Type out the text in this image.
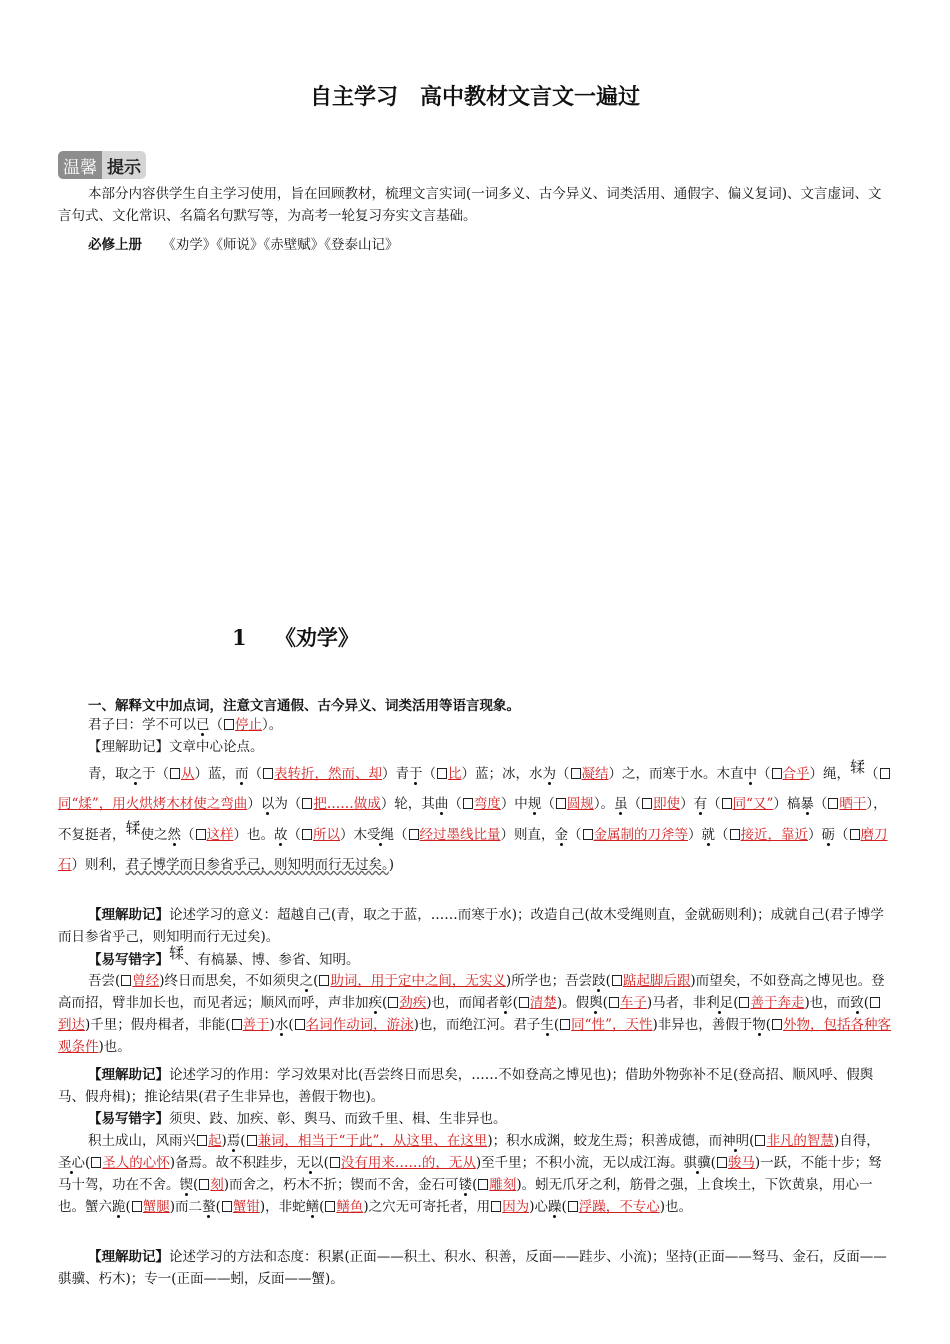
自主学习　高中教材文言文一遍过
温馨 提示
本部分内容供学生自主学习使用，旨在回顾教材，梳理文言实词(一词多义、古今异义、词类活用、通假字、偏义复词)、文言虚词、文言句式、文化常识、名篇名句默写等，为高考一轮复习夯实文言基础。
必修上册　　 《劝学》《师说》《赤壁赋》《登泰山记》
1　 《劝学》
一、解释文中加点词，注意文言通假、古今异义、词类活用等语言现象。
君子曰：学不可以已（ 停止）。
【理解助记】文章中心论点。
青，取之于（ 从）蓝，而（ 表转折，然而、却）青于（ 比）蓝；冰，水为（ 凝结）之，而寒于水。木直中（ 合乎）绳，𫐓（同“煣”，用火烘烤木材使之弯曲）以为（ 把……做成）轮，其曲（ 弯度）中规（ 圆规）。虽（ 即使）有（ 同“又”）槁暴（ 晒干），不复挺者，𫐓使之然（ 这样）也。故（ 所以）木受绳（ 经过墨线比量）则直，金（ 金属制的刀斧等）就（ 接近，靠近）砺（ 磨刀石）则利，君子博学而日参省乎己，则知明而行无过矣。)
【理解助记】论述学习的意义：超越自己(青，取之于蓝，……而寒于水)；改造自己(故木受绳则直，金就砺则利)；成就自己(君子博学而日参省乎己，则知明而行无过矣)。
【易写错字】𫐓、有槁暴、博、参省、知明。
吾尝( 曾经)终日而思矣，不如须臾之( 助词，用于定中之间，无实义)所学也；吾尝跂( 踮起脚后跟)而望矣，不如登高之博见也。登高而招，臂非加长也，而见者远；顺风而呼，声非加疾( 劲疾)也，而闻者彰( 清楚)。假舆( 车子)马者，非利足( 善于奔走)也，而致(到达)千里；假舟楫者，非能( 善于)水( 名词作动词，游泳)也，而绝江河。君子生( 同“性”，天性)非异也，善假于物( 外物，包括各种客观条件)也。
【理解助记】论述学习的作用：学习效果对比(吾尝终日而思矣，……不如登高之博见也)；借助外物弥补不足(登高招、顺风呼、假舆马、假舟楫)；推论结果(君子生非异也，善假于物也)。
【易写错字】须臾、跂、加疾、彰、舆马、而致千里、楫、生非异也。
积土成山，风雨兴 起)焉( 兼词，相当于“于此”，从这里、在这里)；积水成渊，蛟龙生焉；积善成德，而神明( 非凡的智慧)自得，圣心( 圣人的心怀)备焉。故不积跬步，无以( 没有用来……的，无从)至千里；不积小流，无以成江海。骐骥( 骏马)一跃，不能十步；驽马十驾，功在不舍。锲( 刻)而舍之，朽木不折；锲而不舍，金石可镂( 雕刻)。蚓无爪牙之利，筋骨之强，上食埃土，下饮黄泉，用心一也。蟹六跪( 蟹腿)而二螯( 蟹钳)，非蛇鳝( 鳝鱼)之穴无可寄托者，用 因为)心躁( 浮躁，不专心)也。
【理解助记】论述学习的方法和态度：积累(正面——积土、积水、积善，反面——跬步、小流)；坚持(正面——驽马、金石，反面——骐骥、朽木)；专一(正面——蚓，反面——蟹)。
